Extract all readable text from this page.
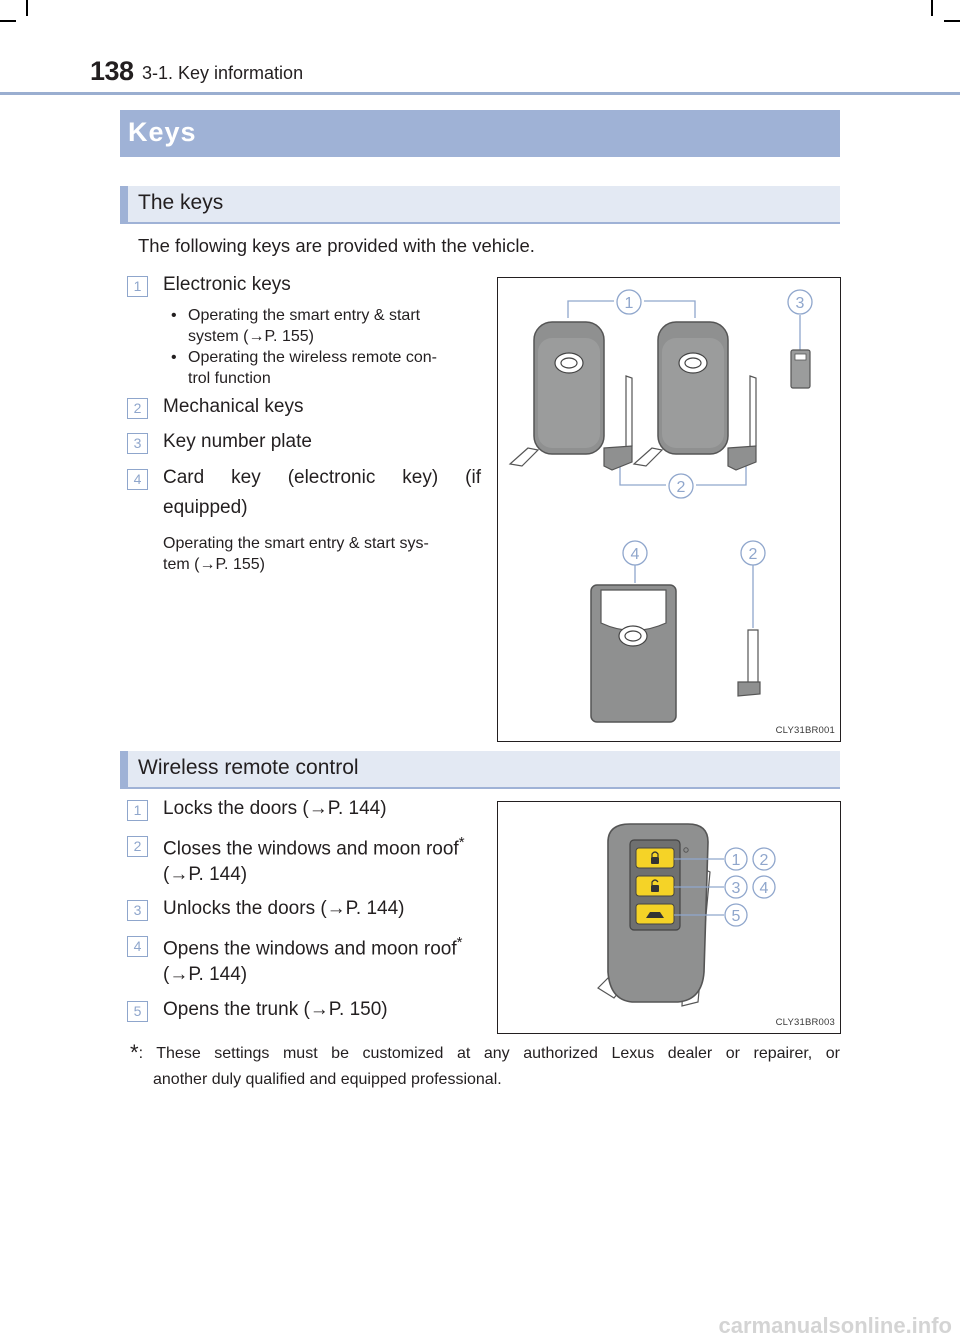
138 3-1. Key information
Keys
The keys
The following keys are provided with the vehicle.
1	Electronic keys
• Operating the smart entry & start
system (→P. 155)
• Operating the wireless remote con-
trol function
2	Mechanical keys
3	Key number plate
4	Card key (electronic key) (if
equipped)
Operating the smart entry & start sys-
tem (→P. 155)
1	3
2
4	2
CLY31BR001
Wireless remote control
1	Locks the doors (→P. 144)
2	Closes the windows and moon roof*
(→P. 144)
3	Unlocks the doors (→P. 144)
4	Opens the windows and moon roof*
(→P. 144)
5	Opens the trunk (→P. 150)
1 2
3 4
5
CLY31BR003
*: These settings must be customized at any authorized Lexus dealer or repairer, or
another duly qualified and equipped professional.
carmanualsonline.info
